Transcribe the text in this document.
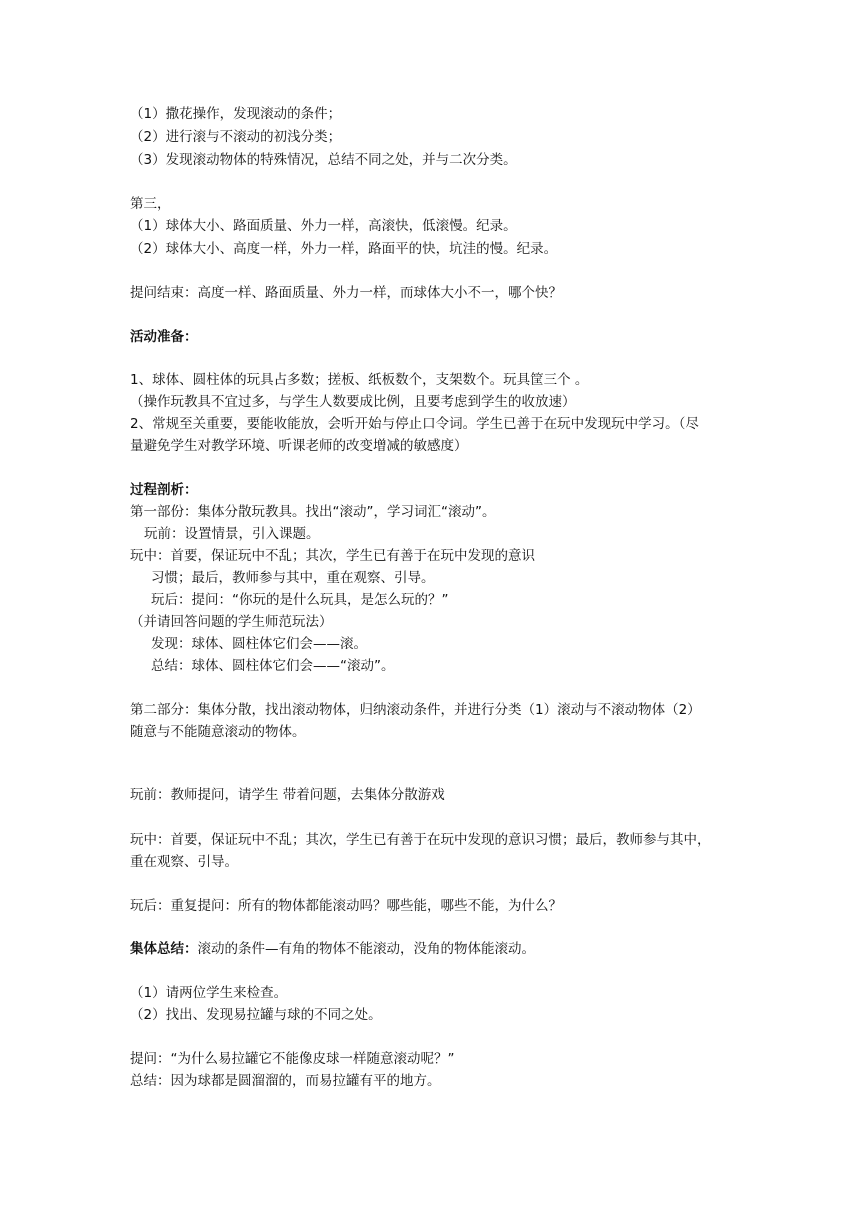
（1）撒花操作，发现滚动的条件；
（2）进行滚与不滚动的初浅分类；
（3）发现滚动物体的特殊情况，总结不同之处，并与二次分类。
第三，
（1）球体大小、路面质量、外力一样，高滚快，低滚慢。纪录。
（2）球体大小、高度一样，外力一样，路面平的快，坑洼的慢。纪录。
提问结束：高度一样、路面质量、外力一样，而球体大小不一，哪个快？
活动准备：
1、球体、圆柱体的玩具占多数；搓板、纸板数个，支架数个。玩具筐三个 。
（操作玩教具不宜过多，与学生人数要成比例，且要考虑到学生的收放速）
2、常规至关重要，要能收能放，会听开始与停止口令词。学生已善于在玩中发现玩中学习。（尽
量避免学生对教学环境、听课老师的改变增减的敏感度）
过程剖析：
第一部份：集体分散玩教具。找出“滚动”，学习词汇“滚动”。
玩前：设置情景，引入课题。
玩中：首要，保证玩中不乱；其次，学生已有善于在玩中发现的意识
习惯；最后，教师参与其中，重在观察、引导。
玩后：提问：“你玩的是什么玩具，是怎么玩的？”
（并请回答问题的学生师范玩法）
发现：球体、圆柱体它们会——滚。
总结：球体、圆柱体它们会——“滚动”。
第二部分：集体分散，找出滚动物体，归纳滚动条件，并进行分类（1）滚动与不滚动物体（2）
随意与不能随意滚动的物体。
玩前：教师提问，请学生 带着问题，去集体分散游戏
玩中：首要，保证玩中不乱；其次，学生已有善于在玩中发现的意识习惯；最后，教师参与其中，
重在观察、引导。
玩后：重复提问：所有的物体都能滚动吗？哪些能，哪些不能，为什么？
集体总结：滚动的条件—有角的物体不能滚动，没角的物体能滚动。
（1）请两位学生来检查。
（2）找出、发现易拉罐与球的不同之处。
提问：“为什么易拉罐它不能像皮球一样随意滚动呢？”
总结：因为球都是圆溜溜的，而易拉罐有平的地方。
